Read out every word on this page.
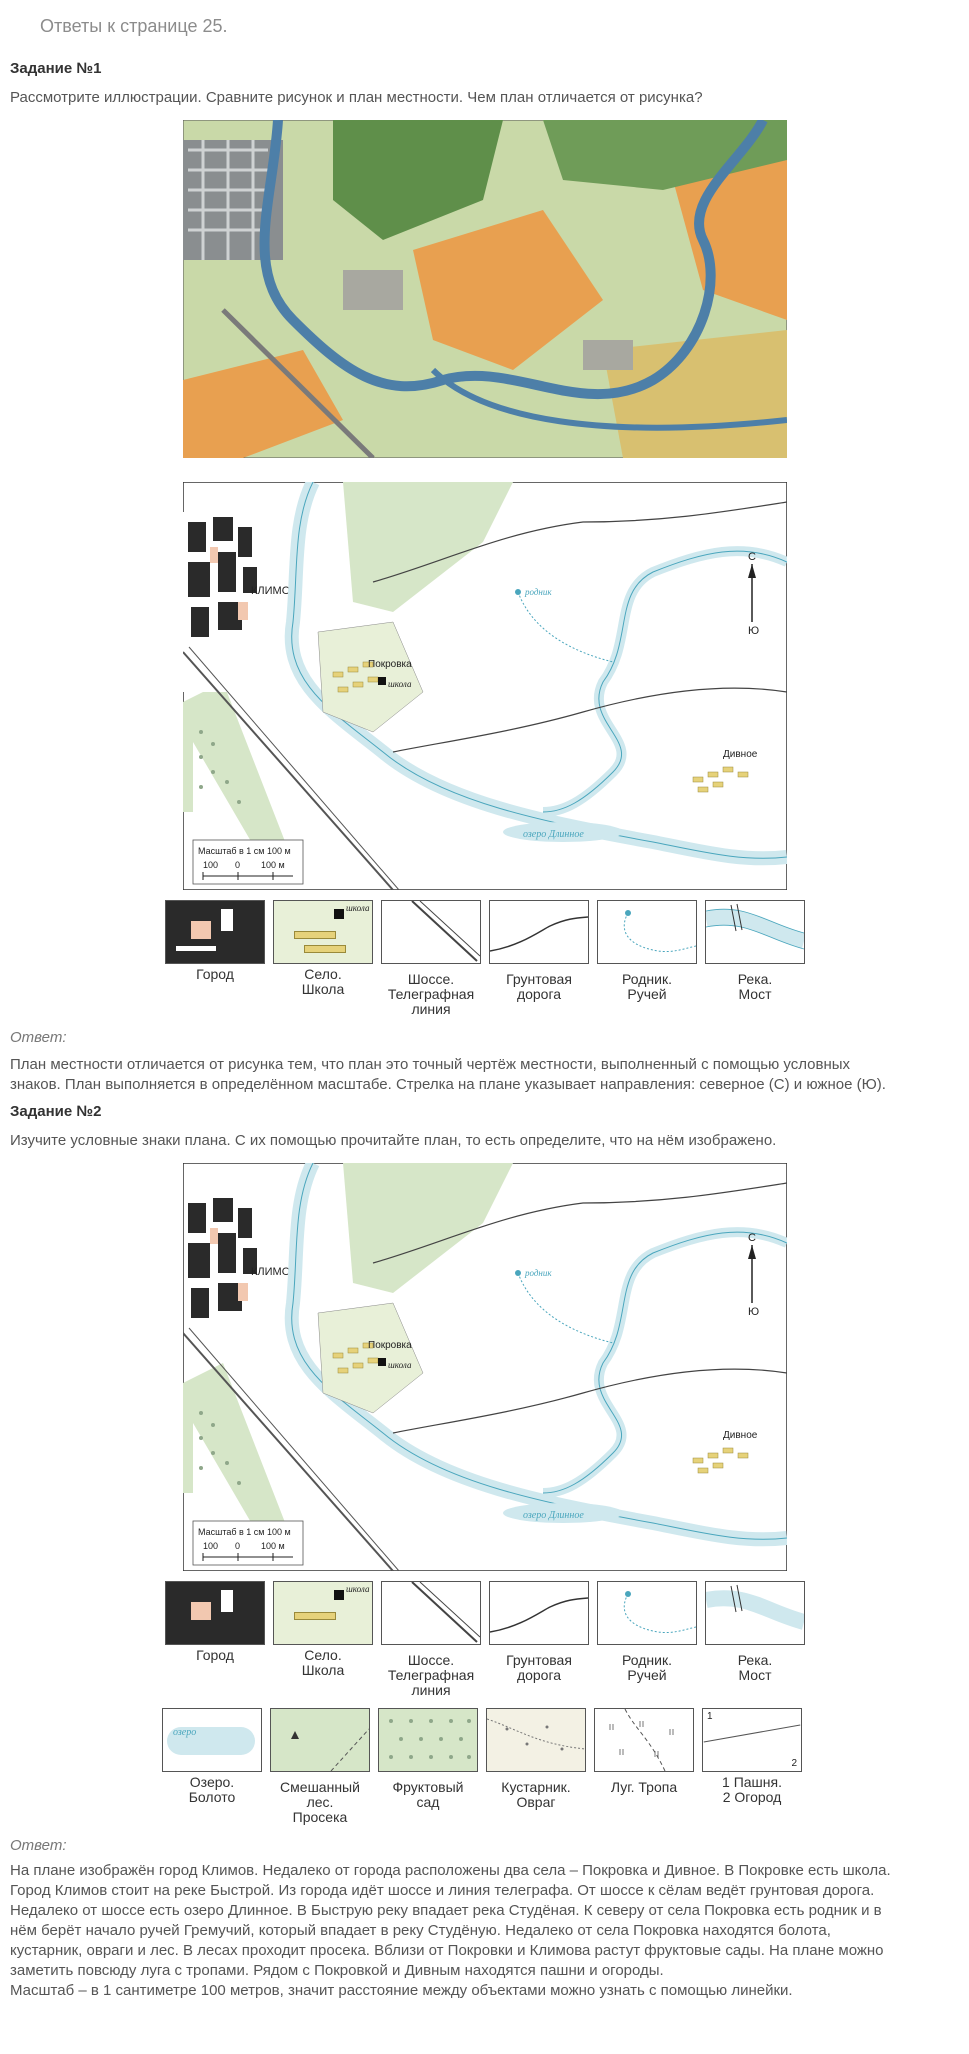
Ответы к странице 25.
Задание №1
Рассмотрите иллюстрации. Сравните рисунок и план местности. Чем план отличается от рисунка?
КЛИМОВ
озеро Длинное
Покровка
школа
Дивное
родник
С
Ю
Масштаб в 1 см 100 м
100 0 100 м
Город
школа
Село.
Школа
Шоссе.
Телеграфная
линия
Грунтовая
дорога
Родник.
Ручей
Река.
Мост
Ответ:
План местности отличается от рисунка тем, что план это точный чертёж местности, выполненный с помощью условных
знаков. План выполняется в определённом масштабе. Стрелка на плане указывает направления: северное (С) и южное (Ю).
Задание №2
Изучите условные знаки плана. С их помощью прочитайте план, то есть определите, что на нём изображено.
КЛИМОВ
озеро Длинное
Покровка
школа
Дивное
родник
С
Ю
Масштаб в 1 см 100 м
100 0 100 м
Город
школа
Село.
Школа
Шоссе.
Телеграфная
линия
Грунтовая
дорога
Родник.
Ручей
Река.
Мост
озеро
Озеро.
Болото
Смешанный
лес.
Просека
Фруктовый
сад
Кустарник.
Овраг
Луг. Тропа
1
2
1 Пашня.
2 Огород
Ответ:
На плане изображён город Климов. Недалеко от города расположены два села – Покровка и Дивное. В Покровке есть школа.
Город Климов стоит на реке Быстрой. Из города идёт шоссе и линия телеграфа. От шоссе к сёлам ведёт грунтовая дорога.
Недалеко от шоссе есть озеро Длинное. В Быструю реку впадает река Студёная. К северу от села Покровка есть родник и в
нём берёт начало ручей Гремучий, который впадает в реку Студёную. Недалеко от села Покровка находятся болота,
кустарник, овраги и лес. В лесах проходит просека. Вблизи от Покровки и Климова растут фруктовые сады. На плане можно
заметить повсюду луга с тропами. Рядом с Покровкой и Дивным находятся пашни и огороды.
Масштаб – в 1 сантиметре 100 метров, значит расстояние между объектами можно узнать с помощью линейки.
